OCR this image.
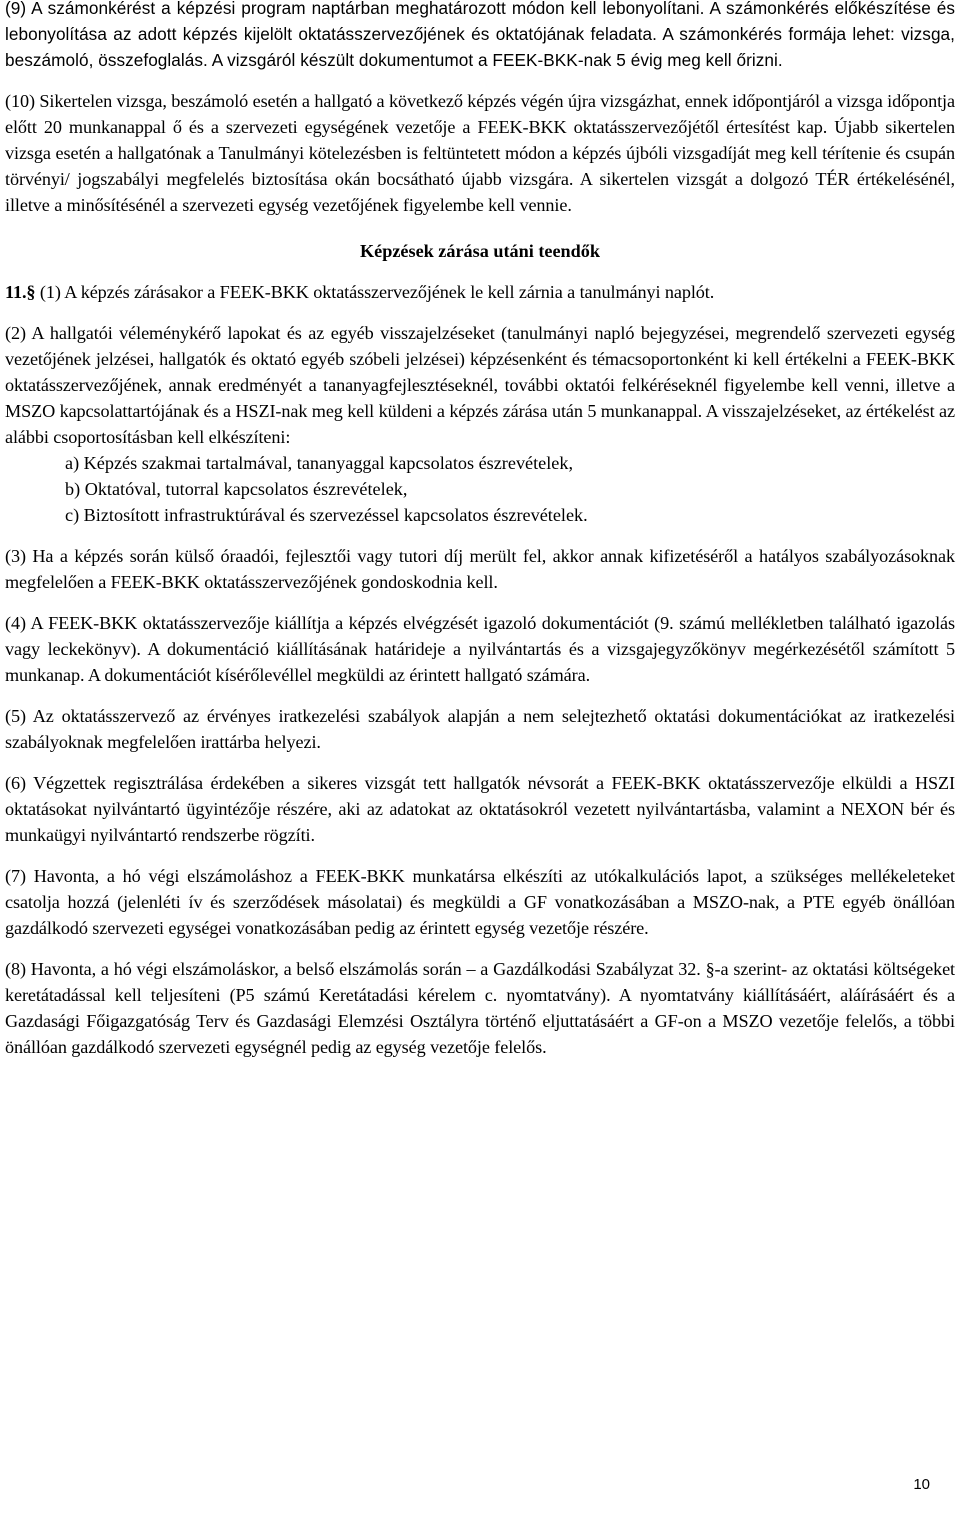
(9) A számonkérést a képzési program naptárban meghatározott módon kell lebonyolítani. A számonkérés előkészítése és lebonyolítása az adott képzés kijelölt oktatásszervezőjének és oktatójának feladata. A számonkérés formája lehet: vizsga, beszámoló, összefoglalás. A vizsgáról készült dokumentumot a FEEK-BKK-nak 5 évig meg kell őrizni.

(10) Sikertelen vizsga, beszámoló esetén a hallgató a következő képzés végén újra vizsgázhat, ennek időpontjáról a vizsga időpontja előtt 20 munkanappal ő és a szervezeti egységének vezetője a FEEK-BKK oktatásszervezőjétől értesítést kap. Újabb sikertelen vizsga esetén a hallgatónak a Tanulmányi kötelezésben is feltüntetett módon a képzés újbóli vizsgadíját meg kell térítenie és csupán törvényi/ jogszabályi megfelelés biztosítása okán bocsátható újabb vizsgára. A sikertelen vizsgát a dolgozó TÉR értékelésénél, illetve a minősítésénél a szervezeti egység vezetőjének figyelembe kell vennie.

Képzések zárása utáni teendők

11.§ (1) A képzés zárásakor a FEEK-BKK oktatásszervezőjének le kell zárnia a tanulmányi naplót.

(2) A hallgatói véleménykérő lapokat és az egyéb visszajelzéseket (tanulmányi napló bejegyzései, megrendelő szervezeti egység vezetőjének jelzései, hallgatók és oktató egyéb szóbeli jelzései) képzésenként és témacsoportonként ki kell értékelni a FEEK-BKK oktatásszervezőjének, annak eredményét a tananyagfejlesztéseknél, további oktatói felkéréseknél figyelembe kell venni, illetve a MSZO kapcsolattartójának és a HSZI-nak meg kell küldeni a képzés zárása után 5 munkanappal. A visszajelzéseket, az értékelést az alábbi csoportosításban kell elkészíteni:

a) Képzés szakmai tartalmával, tananyaggal kapcsolatos észrevételek,

b) Oktatóval, tutorral kapcsolatos észrevételek,

c) Biztosított infrastruktúrával és szervezéssel kapcsolatos észrevételek.

(3) Ha a képzés során külső óraadói, fejlesztői vagy tutori díj merült fel, akkor annak kifizetéséről a hatályos szabályozásoknak megfelelően a FEEK-BKK oktatásszervezőjének gondoskodnia kell.

(4) A FEEK-BKK oktatásszervezője kiállítja a képzés elvégzését igazoló dokumentációt (9. számú mellékletben található igazolás vagy leckekönyv). A dokumentáció kiállításának határideje a nyilvántartás és a vizsgajegyzőkönyv megérkezésétől számított 5 munkanap. A dokumentációt kísérőlevéllel megküldi az érintett hallgató számára.

(5) Az oktatásszervező az érvényes iratkezelési szabályok alapján a nem selejtezhető oktatási dokumentációkat az iratkezelési szabályoknak megfelelően irattárba helyezi.

(6) Végzettek regisztrálása érdekében a sikeres vizsgát tett hallgatók névsorát a FEEK-BKK oktatásszervezője elküldi a HSZI oktatásokat nyilvántartó ügyintézője részére, aki az adatokat az oktatásokról vezetett nyilvántartásba, valamint a NEXON bér és munkaügyi nyilvántartó rendszerbe rögzíti.

(7) Havonta, a hó végi elszámoláshoz a FEEK-BKK munkatársa elkészíti az utókalkulációs lapot, a szükséges mellékeleteket csatolja hozzá (jelenléti ív és szerződések másolatai) és megküldi a GF vonatkozásában a MSZO-nak, a PTE egyéb önállóan gazdálkodó szervezeti egységei vonatkozásában pedig az érintett egység vezetője részére.

(8) Havonta, a hó végi elszámoláskor, a belső elszámolás során – a Gazdálkodási Szabályzat 32. §-a szerint- az oktatási költségeket keretátadással kell teljesíteni (P5 számú Keretátadási kérelem c. nyomtatvány). A nyomtatvány kiállításáért, aláírásáért és a Gazdasági Főigazgatóság Terv és Gazdasági Elemzési Osztályra történő eljuttatásáért a GF-on a MSZO vezetője felelős, a többi önállóan gazdálkodó szervezeti egységnél pedig az egység vezetője felelős.

10
